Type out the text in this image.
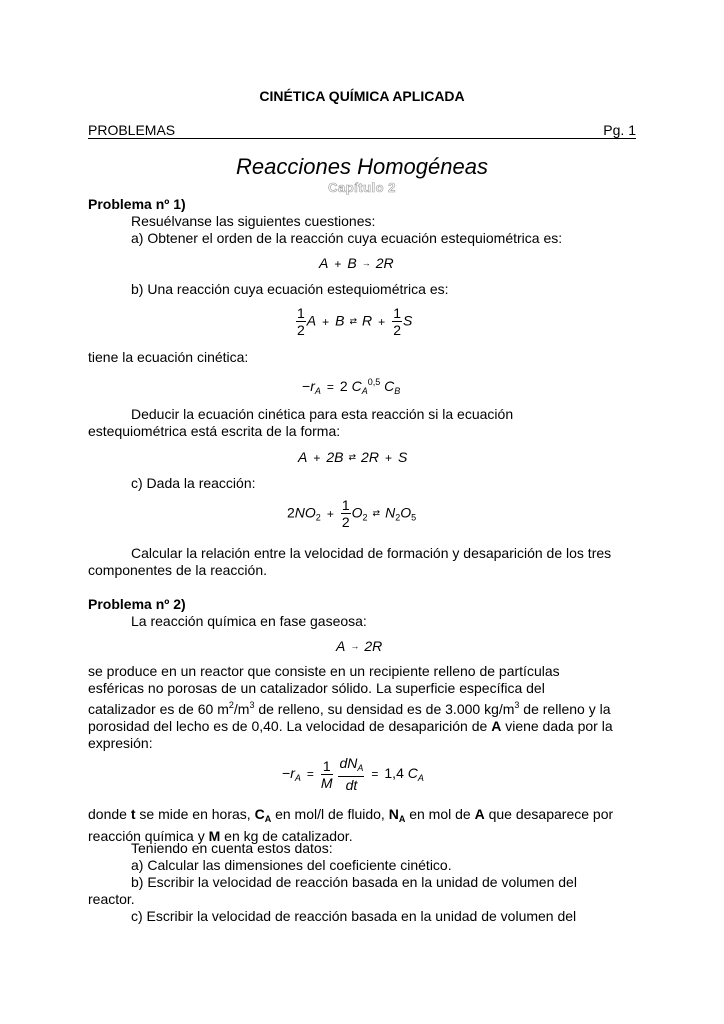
CINÉTICA QUÍMICA APLICADA
PROBLEMAS	Pg. 1
Reacciones Homogéneas
Capítulo 2
Problema nº 1)
Resuélvanse las siguientes cuestiones:
a) Obtener el orden de la reacción cuya ecuación estequiométrica es:
A + B → 2R
b) Una reacción cuya ecuación estequiométrica es:
$\frac{1}{2}$ A + B ⇄ $R + \frac{1}{2}$ S
tiene la ecuación cinética:
$-r_A = 2$ $C_A^{0,5}$ $C_B$
Deducir la ecuación cinética para esta reacción si la ecuación
estequiométrica está escrita de la forma:
A + 2B ⇄ 2R + S
c) Dada la reacción:
$2NO_2 + \frac{1}{2} O_2$ ⇄ $N_2O_5$
Calcular la relación entre la velocidad de formación y desaparición de los tres
componentes de la reacción.
Problema nº 2)
La reacción química en fase gaseosa:
A → 2R
se produce en un reactor que consiste en un recipiente relleno de partículas
esféricas no porosas de un catalizador sólido. La superficie específica del
catalizador es de 60 $m^2/m^3$ de relleno, su densidad es de 3.000 $kg/m^3$ de relleno y la
porosidad del lecho es de 0,40. La velocidad de desaparición de A viene dada por la
expresión:
$-r_A = \frac{1}{M}$
$\frac{dN_A}{dt} = 1,4$ $C_A$
donde t se mide en horas, $C_A$ en mol/l de fluido, $N_A$ en mol de A que desaparece por
reacción química y M en kg de catalizador.
Teniendo en cuenta estos datos:
a) Calcular las dimensiones del coeficiente cinético.
b) Escribir la velocidad de reacción basada en la unidad de volumen del
reactor.
c) Escribir la velocidad de reacción basada en la unidad de volumen del
